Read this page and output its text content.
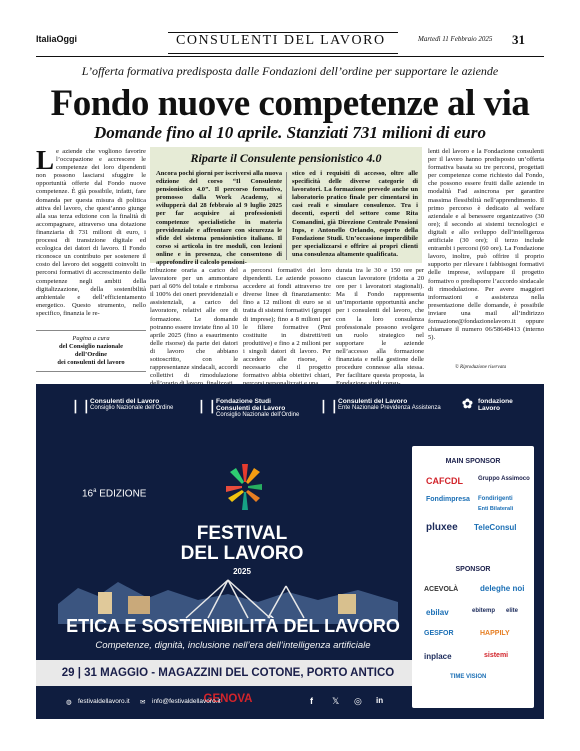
ItaliaOggi	CONSULENTI DEL LAVORO	Martedì 11 Febbraio 2025 31
L’offerta formativa predisposta dalle Fondazioni dell’ordine per supportare le aziende
Fondo nuove competenze al via
Domande fino al 10 aprile. Stanziati 731 milioni di euro
Le aziende che vogliono favorire l’occupazione e accrescere le competenze dei loro dipendenti non possono lasciarsi sfuggire le opportunità offerte dal Fondo nuove competenze. È già possibile, infatti, fare domanda per questa misura di politica attiva del lavoro, che quest’anno giunge alla sua terza edizione con la finalità di accompagnare, attraverso una dotazione finanziaria di 731 milioni di euro, i processi di transizione digitale ed ecologica dei datori di lavoro. Il Fondo riconosce un contributo per sostenere il costo del lavoro dei soggetti coinvolti in percorsi formativi di accrescimento delle competenze negli ambiti della digitalizzazione, della sostenibilità ambientale e dell’efficientamento energetico. Questo strumento, nello specifico, finanzia le re-
Pagina a cura
del Consiglio nazionale
dell’Ordine
dei consulenti del lavoro
Riparte il Consulente pensionistico 4.0
Ancora pochi giorni per iscriversi alla nuova edizione del corso “Il Consulente pensionistico 4.0”. Il percorso formativo, promosso dalla Work Academy, si svilupperà dal 28 febbraio al 9 luglio 2025 per far acquisire ai professionisti competenze specialistiche in materia previdenziale e affrontare con sicurezza le sfide del sistema pensionistico italiano. Il corso si articola in tre moduli, con lezioni online e in presenza, che consentono di approfondire il calcolo pensioni-
stico ed i requisiti di accesso, oltre alle specificità delle diverse categorie di lavoratori. La formazione prevede anche un laboratorio pratico finale per cimentarsi in casi reali e simulare consulenze. Tra i docenti, esperti del settore come Rita Comandini, già Direzione Centrale Pensioni Inps, e Antonello Orlando, esperto della Fondazione Studi. Un’occasione imperdibile per specializzarsi e offrire ai propri clienti una consulenza altamente qualificata.
tribuzione oraria a carico del lavoratore per un ammontare pari al 60% del totale e rimborsa il 100% dei oneri previdenziali e assistenziali, a carico del lavoratore, relativi alle ore di formazione. Le domande potranno essere inviate fino al 10 aprile 2025 (fino a esaurimento delle risorse) da parte dei datori di lavoro che abbiano sottoscritto, con le rappresentanze sindacali, accordi collettivi di rimodulazione
a percorsi formativi dei loro dipendenti. Le aziende possono accedere ai fondi attraverso tre diverse linee di finanziamento: fino a 12 milioni di euro se si tratta di sistemi formativi (gruppi di imprese); fino a 8 milioni per le filiere formative (Pmi costituite in distretti/reti produttive) e fino a 2 milioni per i singoli datori di lavoro. Per accedere alle risorse, è necessario che il progetto formativo abbia obiettivi chiari,
durata tra le 30 e 150 ore per ciascun lavoratore (ridotta a 20 ore per i lavoratori stagionali). Ma il Fondo rappresenta un’importante opportunità anche per i consulenti del lavoro, che con la loro consulenza professionale possono svolgere un ruolo strategico nel supportare le aziende nell’accesso alla formazione finanziata e nella gestione delle procedure connesse alla stessa. Per facilitare questa proposta, la
lenti del lavoro e la Fondazione consulenti per il lavoro hanno predisposto un’offerta formativa basata su tre percorsi, progettati per competenze come richiesto dal Fondo, che possono essere fruiti dalle aziende in modalità Fad asincrona per garantire massima flessibilità nell’apprendimento. Il primo percorso è dedicato al welfare aziendale e al benessere organizzativo (30 ore); il secondo ai sistemi tecnologici e digitali e allo sviluppo dell’intelligenza artificiale (30 ore); il terzo include entrambi i percorsi (60 ore). La Fondazione lavoro, inoltre, può offrire il proprio supporto per rilevare i fabbisogni formativi delle imprese, sviluppare il progetto formativo o predisporre l’accordo sindacale di rimodulazione. Per avere maggiori informazioni e assistenza nella presentazione delle domande, è possibile inviare una mail all’indirizzo formazione@fondazionelavoro.it oppure chiamare il numero 06/58648413 (interno 5).
© Riproduzione riservata
❘❘
Consulenti del Lavoro
Consiglio Nazionale dell’Ordine ❘❘
Fondazione Studi Consulenti del Lavoro
Consiglio Nazionale dell’Ordine
❘❘
Consulenti del Lavoro
Ente Nazionale Previdenza Assistenza ✿ fondazione Lavoro
16$^a$ EDIZIONE
FESTIVAL
DEL LAVORO
2025
ETICA E SOSTENIBILITÀ DEL LAVORO
Competenze, dignità, inclusione nell’era dell’intelligenza artificiale
29 | 31 MAGGIO - MAGAZZINI DEL COTONE, PORTO ANTICO GENOVA
◍ festivaldellavoro.it ✉ info@festivaldellavoro.it	f 𝕏 ◎ in
MAIN SPONSOR
CAFCDL	Gruppo Assimoco
Fondimpresa Fondirigenti
Enti Bilaterali
pluxee TeleConsul
SPONSOR
ACEVOLÀ	deleghe noi
ebilav	ebitemp elite
GESFOR	HAPPILY
inplace	sistemi
TIME VISION
